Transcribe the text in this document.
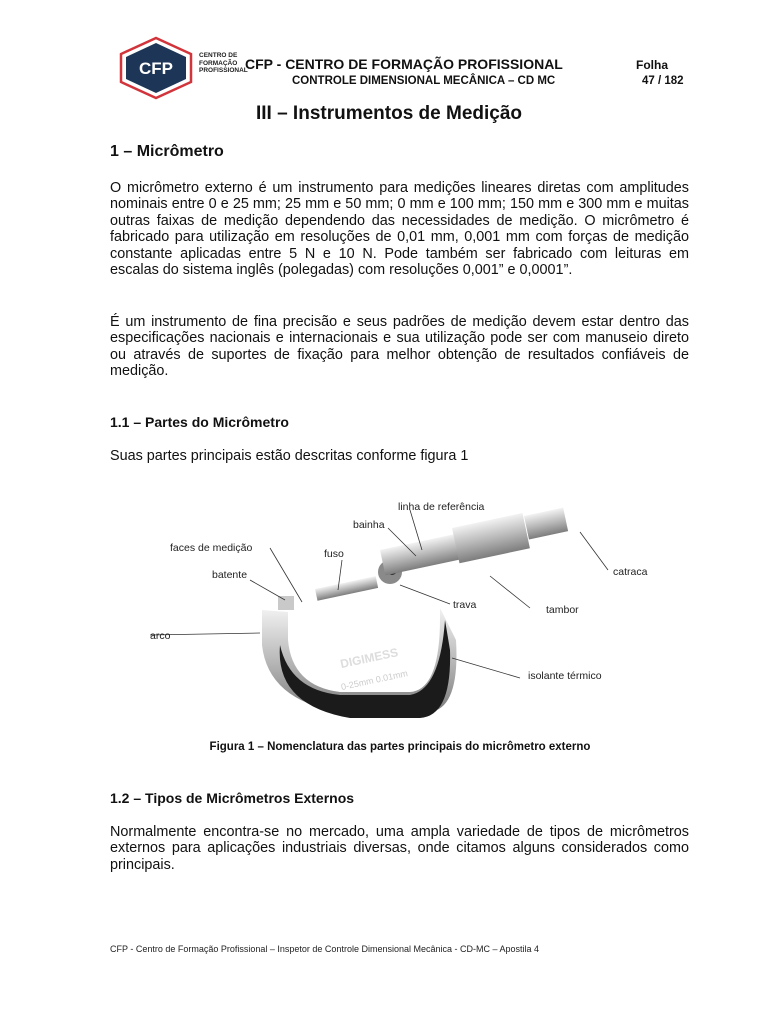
CFP
CENTRO DE
FORMAÇÃO
PROFISSIONAL
CFP - CENTRO DE FORMAÇÃO PROFISSIONAL
CONTROLE DIMENSIONAL MECÂNICA – CD MC
Folha
47 / 182
III – Instrumentos de Medição
1 – Micrômetro
O micrômetro externo é um instrumento para medições lineares diretas com amplitudes nominais entre 0 e 25 mm; 25 mm e 50 mm; 0 mm e 100 mm; 150 mm e 300 mm e muitas outras faixas de medição dependendo das necessidades de medição. O micrômetro é fabricado para utilização em resoluções de 0,01 mm, 0,001 mm com forças de medição constante aplicadas entre 5 N e 10 N. Pode também ser fabricado com leituras em escalas do sistema inglês (polegadas) com resoluções 0,001” e 0,0001”.
É um instrumento de fina precisão e seus padrões de medição devem estar dentro das especificações nacionais e internacionais e sua utilização pode ser com manuseio direto ou através de suportes de fixação para melhor obtenção de resultados confiáveis de medição.
1.1 – Partes do Micrômetro
Suas partes principais estão descritas conforme figura 1
DIGIMESS
0-25mm 0.01mm
linha de referência
bainha
faces de medição	fuso
batente	catraca
trava	tambor
arco
isolante térmico
Figura 1 – Nomenclatura das partes principais do micrômetro externo
1.2 – Tipos de Micrômetros Externos
Normalmente encontra-se no mercado, uma ampla variedade de tipos de micrômetros externos para aplicações industriais diversas, onde citamos alguns considerados como principais.
CFP - Centro de Formação Profissional – Inspetor de Controle Dimensional Mecânica - CD-MC – Apostila 4
